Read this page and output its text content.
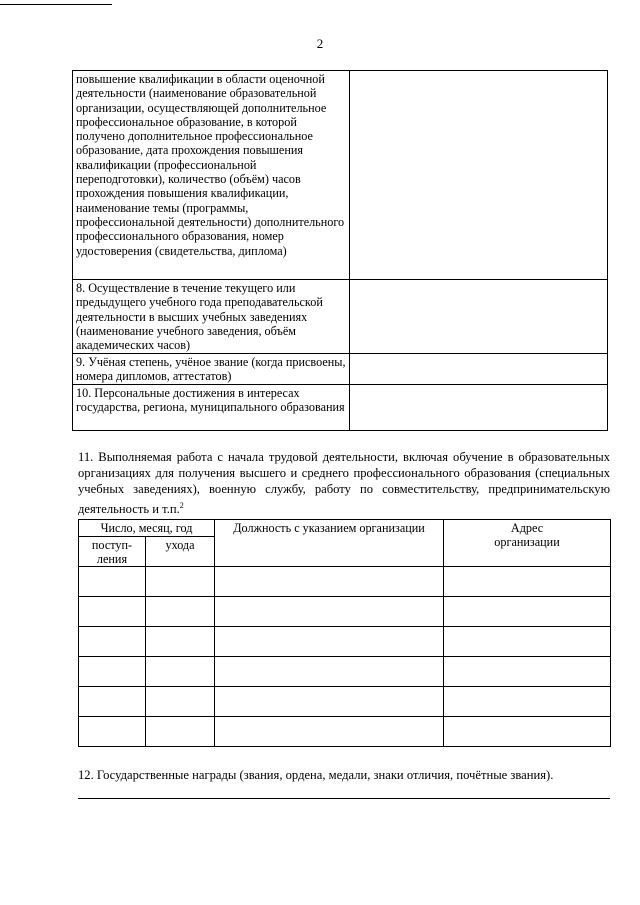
2
повышение квалификации в области оценочной деятельности (наименование образовательной организации, осуществляющей дополнительное профессиональное образование, в которой получено дополнительное профессиональное образование, дата прохождения повышения квалификации (профессиональной переподготовки), количество (объём) часов прохождения повышения квалификации, наименование темы (программы, профессиональной деятельности) дополнительного профессионального образования, номер удостоверения (свидетельства, диплома)	
8. Осуществление в течение текущего или предыдущего учебного года преподавательской деятельности в высших учебных заведениях (наименование учебного заведения, объём академических часов)	
9. Учёная степень, учёное звание (когда присвоены, номера дипломов, аттестатов)	
10. Персональные достижения в интересах государства, региона, муниципального образования	
11. Выполняемая работа с начала трудовой деятельности, включая обучение в образовательных организациях для получения высшего и среднего профессионального образования (специальных учебных заведениях), военную службу, работу по совместительству, предпринимательскую деятельность и т.п.$^2$
Число, месяц, год		Должность с указанием организации	Адрес организации
поступ-ления	ухода		

12. Государственные награды (звания, ордена, медали, знаки отличия, почётные звания).
